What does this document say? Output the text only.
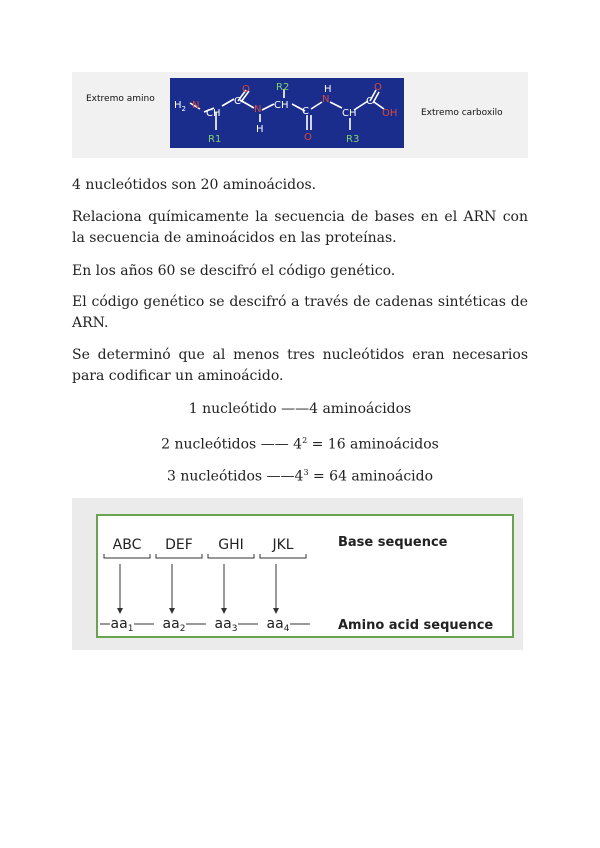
Extremo amino
$H_2$ N
CH
C
O
N
H
CH
C
O
N
H
CH
C
O
OH
R1
R2
R3
Extremo carboxilo

4 nucleótidos son 20 aminoácidos.

Relaciona químicamente la secuencia de bases en el ARN con la secuencia de aminoácidos en las proteínas.

En los años 60 se descifró el código genético.

El código genético se descifró a través de cadenas sintéticas de ARN.

Se determinó que al menos tres nucleótidos eran necesarios para codificar un aminoácido.

1 nucleótido ——4 aminoácidos

2 nucleótidos —— $4^2 = 16$ aminoácidos

3 nucleótidos $——4^3 = 64$ aminoácido

ABC DEF GHI JKL	Base sequence
$aa_1$ $aa_2$ $aa_3$ $aa_4$	Amino acid sequence
